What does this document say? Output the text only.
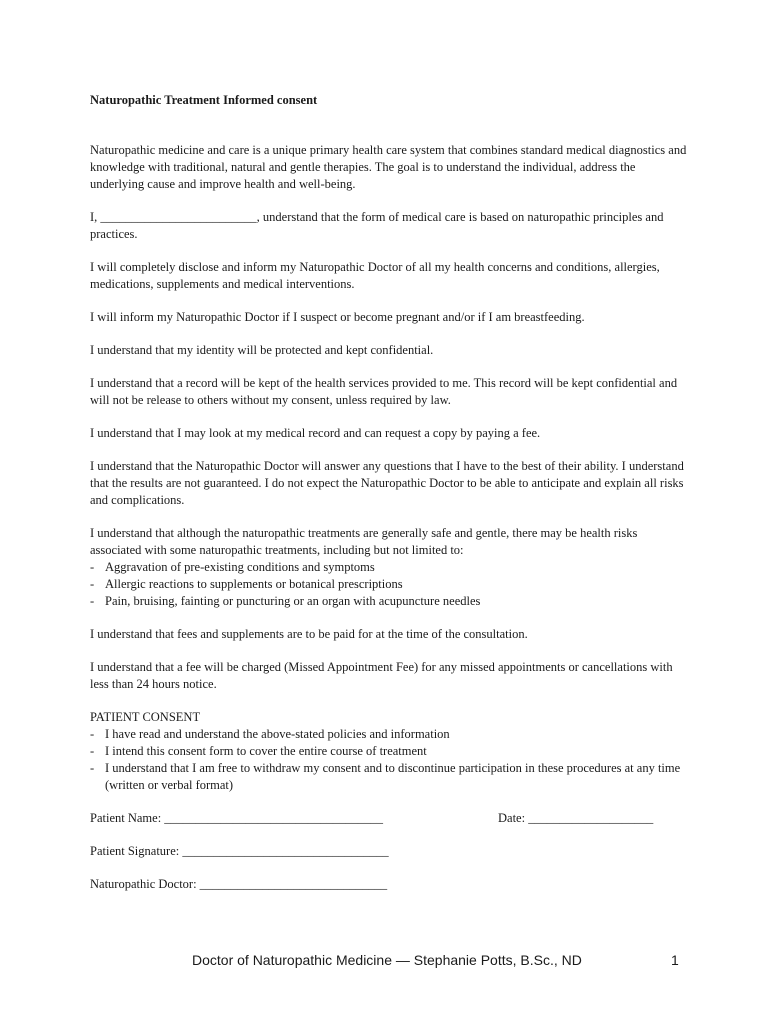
Naturopathic Treatment Informed consent

Naturopathic medicine and care is a unique primary health care system that combines standard medical diagnostics and knowledge with traditional, natural and gentle therapies. The goal is to understand the individual, address the underlying cause and improve health and well-being.

I, _________________________, understand that the form of medical care is based on naturopathic principles and practices.

I will completely disclose and inform my Naturopathic Doctor of all my health concerns and conditions, allergies, medications, supplements and medical interventions.

I will inform my Naturopathic Doctor if I suspect or become pregnant and/or if I am breastfeeding.

I understand that my identity will be protected and kept confidential.

I understand that a record will be kept of the health services provided to me. This record will be kept confidential and will not be release to others without my consent, unless required by law.

I understand that I may look at my medical record and can request a copy by paying a fee.

I understand that the Naturopathic Doctor will answer any questions that I have to the best of their ability. I understand that the results are not guaranteed. I do not expect the Naturopathic Doctor to be able to anticipate and explain all risks and complications.

I understand that although the naturopathic treatments are generally safe and gentle, there may be health risks associated with some naturopathic treatments, including but not limited to:

- Aggravation of pre-existing conditions and symptoms
- Allergic reactions to supplements or botanical prescriptions
- Pain, bruising, fainting or puncturing or an organ with acupuncture needles

I understand that fees and supplements are to be paid for at the time of the consultation.

I understand that a fee will be charged (Missed Appointment Fee) for any missed appointments or cancellations with less than 24 hours notice.

PATIENT CONSENT

- I have read and understand the above-stated policies and information
- I intend this consent form to cover the entire course of treatment
- I understand that I am free to withdraw my consent and to discontinue participation in these procedures at any time (written or verbal format)
Patient Name: ___________________________________	Date: ____________________

Patient Signature: _________________________________

Naturopathic Doctor: ______________________________

Doctor of Naturopathic Medicine — Stephanie Potts, B.Sc., ND	1
